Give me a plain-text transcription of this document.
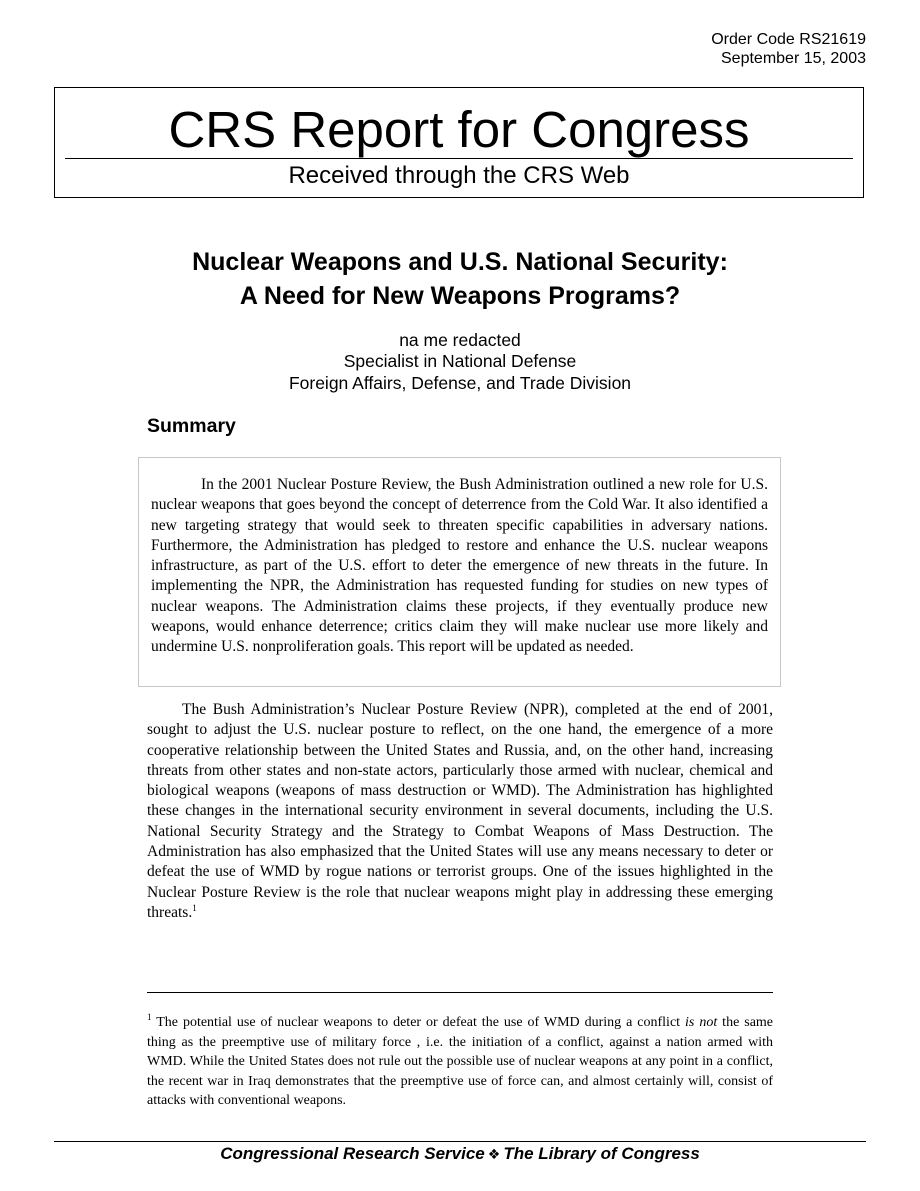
Order Code RS21619
September 15, 2003
CRS Report for Congress
Received through the CRS Web
Nuclear Weapons and U.S. National Security:
A Need for New Weapons Programs?
na me redacted
Specialist in National Defense
Foreign Affairs, Defense, and Trade Division
Summary

In the 2001 Nuclear Posture Review, the Bush Administration outlined a new role for U.S. nuclear weapons that goes beyond the concept of deterrence from the Cold War. It also identified a new targeting strategy that would seek to threaten specific capabilities in adversary nations. Furthermore, the Administration has pledged to restore and enhance the U.S. nuclear weapons infrastructure, as part of the U.S. effort to deter the emergence of new threats in the future. In implementing the NPR, the Administration has requested funding for studies on new types of nuclear weapons. The Administration claims these projects, if they eventually produce new weapons, would enhance deterrence; critics claim they will make nuclear use more likely and undermine U.S. nonproliferation goals. This report will be updated as needed.

The Bush Administration’s Nuclear Posture Review (NPR), completed at the end of 2001, sought to adjust the U.S. nuclear posture to reflect, on the one hand, the emergence of a more cooperative relationship between the United States and Russia, and, on the other hand, increasing threats from other states and non-state actors, particularly those armed with nuclear, chemical and biological weapons (weapons of mass destruction or WMD). The Administration has highlighted these changes in the international security environment in several documents, including the U.S. National Security Strategy and the Strategy to Combat Weapons of Mass Destruction. The Administration has also emphasized that the United States will use any means necessary to deter or defeat the use of WMD by rogue nations or terrorist groups. One of the issues highlighted in the Nuclear Posture Review is the role that nuclear weapons might play in addressing these emerging threats.$^1$

$^1$ The potential use of nuclear weapons to deter or defeat the use of WMD during a conflict is not the same thing as the preemptive use of military force , i.e. the initiation of a conflict, against a nation armed with WMD. While the United States does not rule out the possible use of nuclear weapons at any point in a conflict, the recent war in Iraq demonstrates that the preemptive use of force can, and almost certainly will, consist of attacks with conventional weapons.

Congressional Research Service ❖ The Library of Congress
